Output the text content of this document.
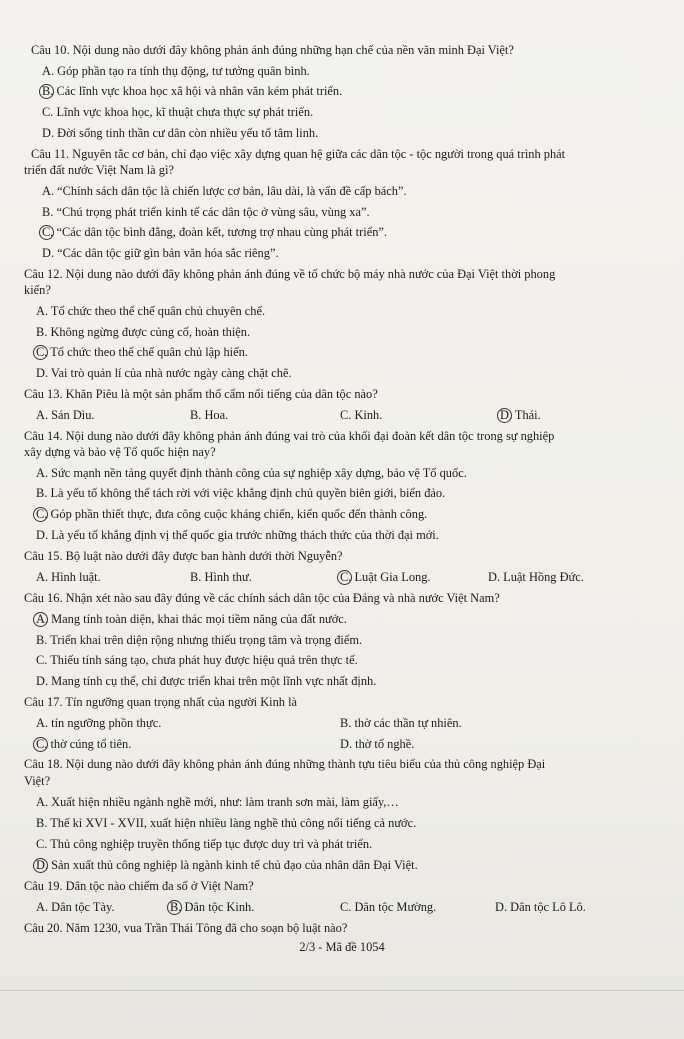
Câu 10. Nội dung nào dưới đây không phản ánh đúng những hạn chế của nền văn minh Đại Việt?
A. Góp phần tạo ra tính thụ động, tư tưởng quân bình.
B. Các lĩnh vực khoa học xã hội và nhân văn kém phát triển.
C. Lĩnh vực khoa học, kĩ thuật chưa thực sự phát triển.
D. Đời sống tinh thần cư dân còn nhiều yếu tố tâm linh.
Câu 11. Nguyên tắc cơ bản, chỉ đạo việc xây dựng quan hệ giữa các dân tộc - tộc người trong quá trình phát
triển đất nước Việt Nam là gì?
A. “Chính sách dân tộc là chiến lược cơ bản, lâu dài, là vấn đề cấp bách”.
B. “Chú trọng phát triển kinh tế các dân tộc ở vùng sâu, vùng xa”.
C. “Các dân tộc bình đẳng, đoàn kết, tương trợ nhau cùng phát triển”.
D. “Các dân tộc giữ gìn bản văn hóa sắc riêng”.
Câu 12. Nội dung nào dưới đây không phản ánh đúng về tổ chức bộ máy nhà nước của Đại Việt thời phong
kiến?
A. Tổ chức theo thể chế quân chủ chuyên chế.
B. Không ngừng được củng cố, hoàn thiện.
C. Tổ chức theo thể chế quân chủ lập hiến.
D. Vai trò quản lí của nhà nước ngày càng chặt chẽ.
Câu 13. Khăn Piêu là một sản phẩm thổ cẩm nổi tiếng của dân tộc nào?
A. Sán Dìu.	B. Hoa.	C. Kinh.	D. Thái.
Câu 14. Nội dung nào dưới đây không phản ánh đúng vai trò của khối đại đoàn kết dân tộc trong sự nghiệp
xây dựng và bảo vệ Tổ quốc hiện nay?
A. Sức mạnh nền tảng quyết định thành công của sự nghiệp xây dựng, bảo vệ Tổ quốc.
B. Là yếu tố không thể tách rời với việc khẳng định chủ quyền biên giới, biển đảo.
C. Góp phần thiết thực, đưa công cuộc kháng chiến, kiến quốc đến thành công.
D. Là yếu tố khẳng định vị thế quốc gia trước những thách thức của thời đại mới.
Câu 15. Bộ luật nào dưới đây được ban hành dưới thời Nguyễn?
A. Hình luật.	B. Hình thư.	C. Luật Gia Long.	D. Luật Hồng Đức.
Câu 16. Nhận xét nào sau đây đúng về các chính sách dân tộc của Đảng và nhà nước Việt Nam?
A. Mang tính toàn diện, khai thác mọi tiềm năng của đất nước.
B. Triển khai trên diện rộng nhưng thiếu trọng tâm và trọng điểm.
C. Thiếu tính sáng tạo, chưa phát huy được hiệu quả trên thực tế.
D. Mang tính cụ thể, chỉ được triển khai trên một lĩnh vực nhất định.
Câu 17. Tín ngưỡng quan trọng nhất của người Kinh là
A. tín ngưỡng phồn thực.	B. thờ các thần tự nhiên.
C. thờ cúng tổ tiên.	D. thờ tổ nghề.
Câu 18. Nội dung nào dưới đây không phản ánh đúng những thành tựu tiêu biểu của thủ công nghiệp Đại
Việt?
A. Xuất hiện nhiều ngành nghề mới, như: làm tranh sơn mài, làm giấy,…
B. Thế kỉ XVI - XVII, xuất hiện nhiều làng nghề thủ công nổi tiếng cả nước.
C. Thủ công nghiệp truyền thống tiếp tục được duy trì và phát triển.
D. Sản xuất thủ công nghiệp là ngành kinh tế chủ đạo của nhân dân Đại Việt.
Câu 19. Dân tộc nào chiếm đa số ở Việt Nam?
A. Dân tộc Tày.	B. Dân tộc Kinh.	C. Dân tộc Mường.	D. Dân tộc Lô Lô.
Câu 20. Năm 1230, vua Trần Thái Tông đã cho soạn bộ luật nào?
2/3 - Mã đề 1054
